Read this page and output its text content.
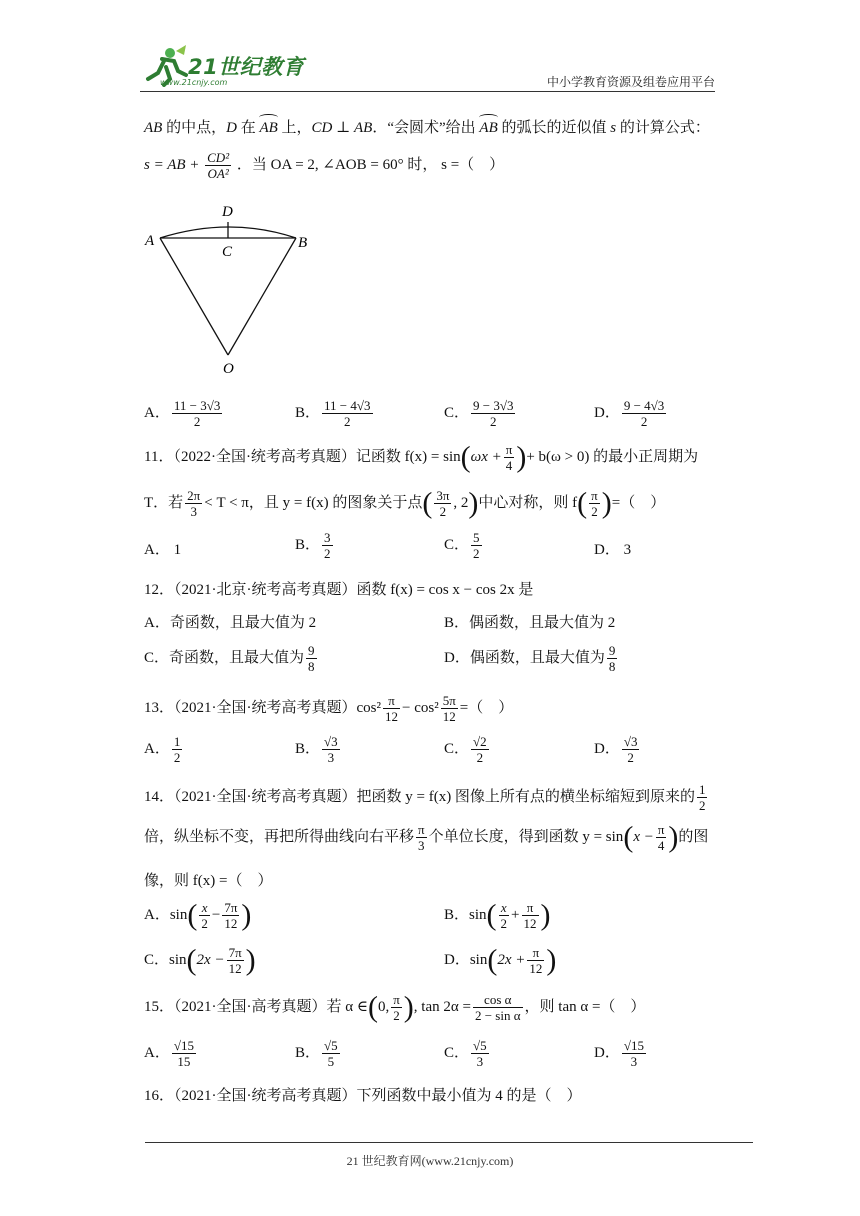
21世纪教育
www.21cnjy.com	中小学教育资源及组卷应用平台
AB 的中点，D 在 AB 上，CD ⊥ AB．“会圆术”给出 AB 的弧长的近似值 s 的计算公式：
s = AB + $\frac{\text{CD²}}{\text{OA²}}$ ．当 OA = 2, ∠AOB = 60° 时， s =（　）
A	B
D
C
O
A． $\frac{11 - 3√3}{2}$	B． $\frac{11 - 4√3}{2}$	C． $\frac{9 - 3√3}{2}$	D． $\frac{9 - 4√3}{2}$
11．（2022·全国·统考高考真题）记函数 $f(x) = \sin(\omega x + \frac{\pi}{4}$ )+ b(ω > 0) 的最小正周期为
T．若 $\frac{2\pi}{3} < T < \pi$，且 y = f(x) 的图象关于点( $\frac{3\pi}{2}$ , 2)中心对称，则 $f( \frac{\pi}{2}$ )=（　）
A． 1	B． $\frac{3}{2}$	C． $\frac{5}{2}$	D． 3
12．（2021·北京·统考高考真题）函数 f(x) = cos x − cos 2x 是
A．奇函数，且最大值为 2	B．偶函数，且最大值为 2
C．奇函数，且最大值为 $\frac{9}{8}$	D．偶函数，且最大值为 $\frac{9}{8}$
13．（2021·全国·统考高考真题）$\cos^2 \frac{\pi}{12} - \cos^2 \frac{5\pi}{12}$ =（　）
A． $\frac{1}{2}$	B． $\frac{√3}{3}$	C． $\frac{√2}{2}$	D． $\frac{√3}{2}$
14．（2021·全国·统考高考真题）把函数 y = f(x) 图像上所有点的横坐标缩短到原来的 $\frac{1}{2}$
倍，纵坐标不变，再把所得曲线向右平移 $\frac{\pi}{3}$ 个单位长度，得到函数 $y = \sin(x - \frac{\pi}{4}$ )的图
像，则 f(x) =（　）
A．$\sin( \frac{x}{2} - \frac{7\pi}{12}$ )	B．$\sin( \frac{x}{2} + \frac{\pi}{12}$ )
C．$\sin(2x - \frac{7\pi}{12}$ )	D．$\sin(2x + \frac{\pi}{12}$ )
15．（2021·全国·高考真题）若 α ∈(0, $\frac{\pi}{2}$ ), $\tan 2\alpha = \frac{\text{cos α}}{\text{2 − sin α}}$ ，则 tan α =（　）
A． $\frac{√15}{15}$	B． $\frac{√5}{5}$	C． $\frac{√5}{3}$	D． $\frac{√15}{3}$
16．（2021·全国·统考高考真题）下列函数中最小值为 4 的是（　）
21 世纪教育网(www.21cnjy.com)
